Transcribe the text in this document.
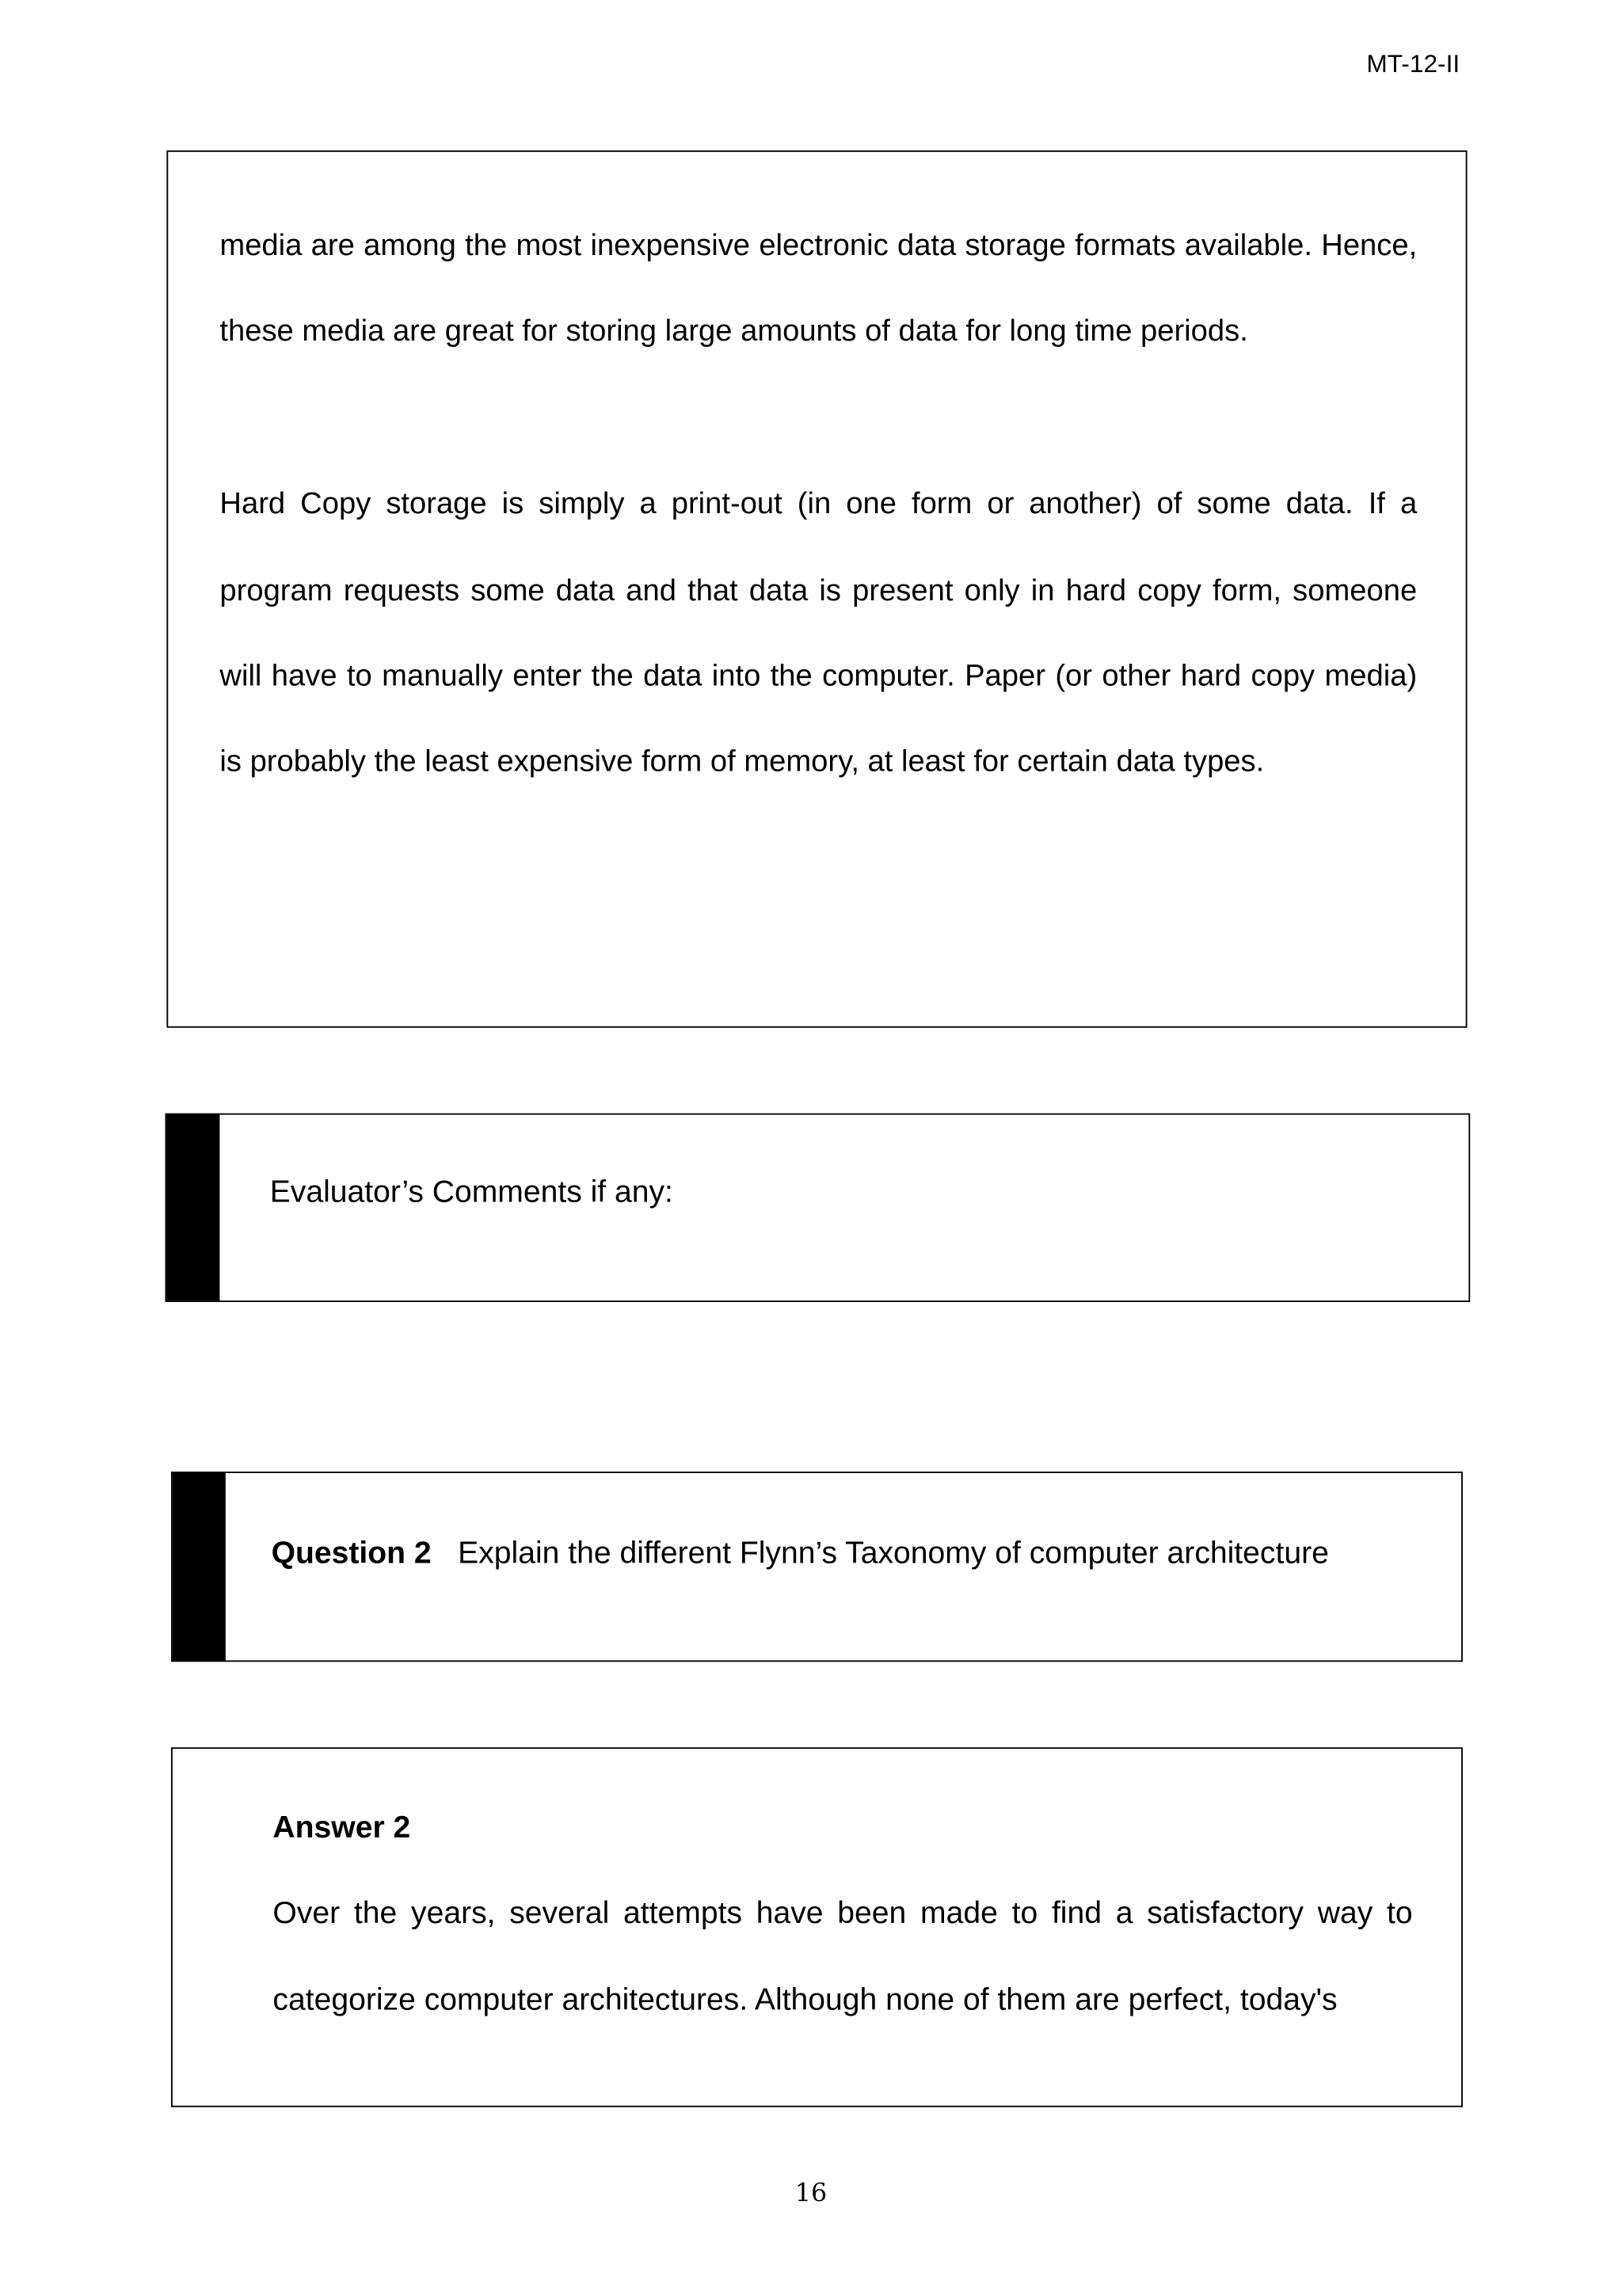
MT-12-II

media are among the most inexpensive electronic data storage formats available. Hence, these media are great for storing large amounts of data for long time periods.

Hard Copy storage is simply a print-out (in one form or another) of some data. If a program requests some data and that data is present only in hard copy form, someone will have to manually enter the data into the computer. Paper (or other hard copy media) is probably the least expensive form of memory, at least for certain data types.

Evaluator’s Comments if any:
Question 2 Explain the different Flynn’s Taxonomy of computer architecture
Answer 2

Over the years, several attempts have been made to find a satisfactory way to categorize computer architectures. Although none of them are perfect, today's

16
